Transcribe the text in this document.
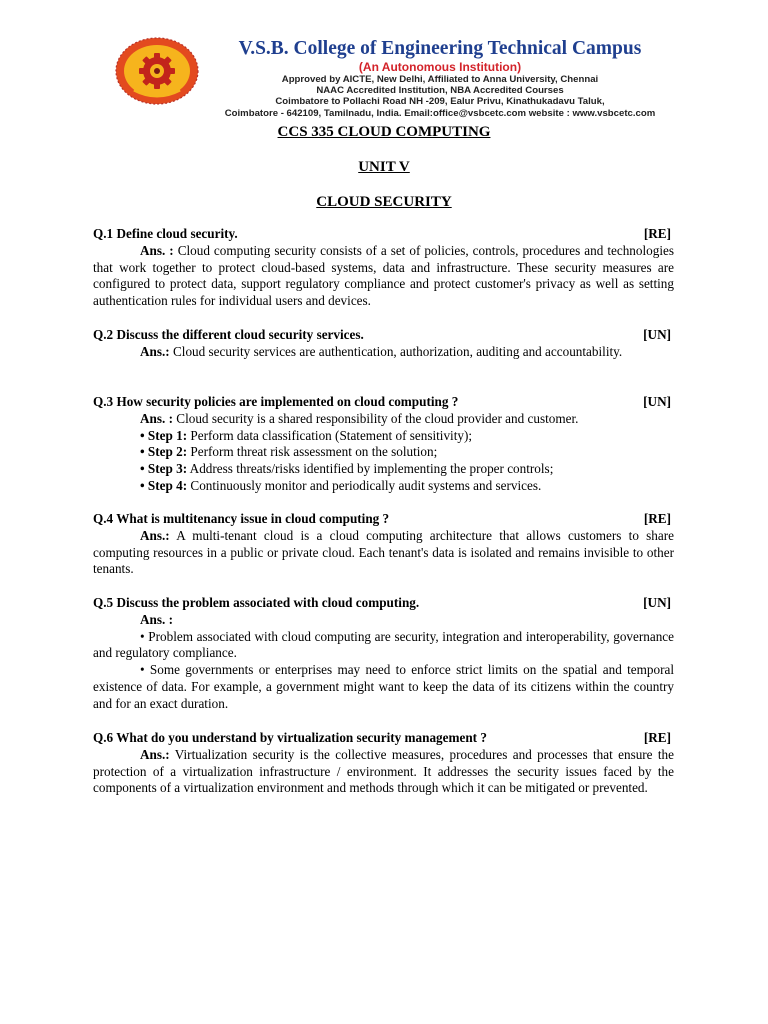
V.S.B. College of Engineering Technical Campus
(An Autonomous Institution)
Approved by AICTE, New Delhi, Affiliated to Anna University, Chennai
NAAC Accredited Institution, NBA Accredited Courses
Coimbatore to Pollachi Road NH -209, Ealur Privu, Kinathukadavu Taluk,
Coimbatore - 642109, Tamilnadu, India. Email:office@vsbcetc.com website : www.vsbcetc.com
CCS 335 CLOUD COMPUTING
UNIT V
CLOUD SECURITY
Q.1 Define cloud security.	[RE]
Ans. : Cloud computing security consists of a set of policies, controls, procedures and technologies that work together to protect cloud-based systems, data and infrastructure. These security measures are configured to protect data, support regulatory compliance and protect customer's privacy as well as setting authentication rules for individual users and devices.
Q.2 Discuss the different cloud security services.	[UN]
Ans.: Cloud security services are authentication, authorization, auditing and accountability.
Q.3 How security policies are implemented on cloud computing ?	[UN]
Ans. : Cloud security is a shared responsibility of the cloud provider and customer.
• Step 1: Perform data classification (Statement of sensitivity);
• Step 2: Perform threat risk assessment on the solution;
• Step 3: Address threats/risks identified by implementing the proper controls;
• Step 4: Continuously monitor and periodically audit systems and services.
Q.4 What is multitenancy issue in cloud computing ?	[RE]
Ans.: A multi-tenant cloud is a cloud computing architecture that allows customers to share computing resources in a public or private cloud. Each tenant's data is isolated and remains invisible to other tenants.
Q.5 Discuss the problem associated with cloud computing.	[UN]
Ans. :
• Problem associated with cloud computing are security, integration and interoperability, governance and regulatory compliance.
• Some governments or enterprises may need to enforce strict limits on the spatial and temporal existence of data. For example, a government might want to keep the data of its citizens within the country and for an exact duration.
Q.6 What do you understand by virtualization security management ?	[RE]
Ans.: Virtualization security is the collective measures, procedures and processes that ensure the protection of a virtualization infrastructure / environment. It addresses the security issues faced by the components of a virtualization environment and methods through which it can be mitigated or prevented.
